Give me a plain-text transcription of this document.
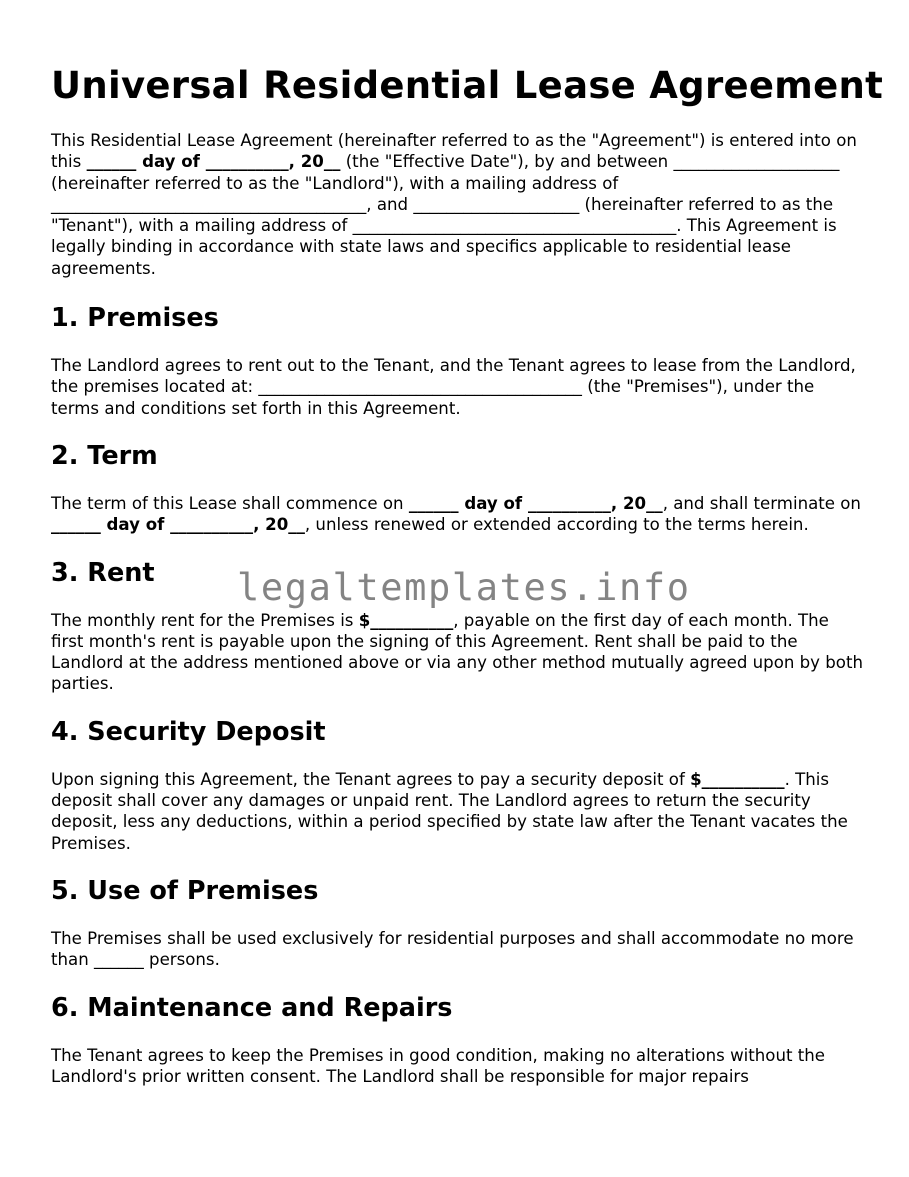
Universal Residential Lease Agreement

This Residential Lease Agreement (hereinafter referred to as the "Agreement") is entered into on this ______ day of __________, 20__ (the "Effective Date"), by and between ____________________ (hereinafter referred to as the "Landlord"), with a mailing address of ______________________________________, and ____________________ (hereinafter referred to as the "Tenant"), with a mailing address of _______________________________________. This Agreement is legally binding in accordance with state laws and specifics applicable to residential lease agreements.

1. Premises

The Landlord agrees to rent out to the Tenant, and the Tenant agrees to lease from the Landlord, the premises located at: _______________________________________ (the "Premises"), under the terms and conditions set forth in this Agreement.

2. Term

The term of this Lease shall commence on ______ day of __________, 20__, and shall terminate on ______ day of __________, 20__, unless renewed or extended according to the terms herein.

3. Rent

The monthly rent for the Premises is $__________, payable on the first day of each month. The first month's rent is payable upon the signing of this Agreement. Rent shall be paid to the Landlord at the address mentioned above or via any other method mutually agreed upon by both parties.

4. Security Deposit

Upon signing this Agreement, the Tenant agrees to pay a security deposit of $__________. This deposit shall cover any damages or unpaid rent. The Landlord agrees to return the security deposit, less any deductions, within a period specified by state law after the Tenant vacates the Premises.

5. Use of Premises

The Premises shall be used exclusively for residential purposes and shall accommodate no more than ______ persons.

6. Maintenance and Repairs

The Tenant agrees to keep the Premises in good condition, making no alterations without the Landlord's prior written consent. The Landlord shall be responsible for major repairs

legaltemplates.info
